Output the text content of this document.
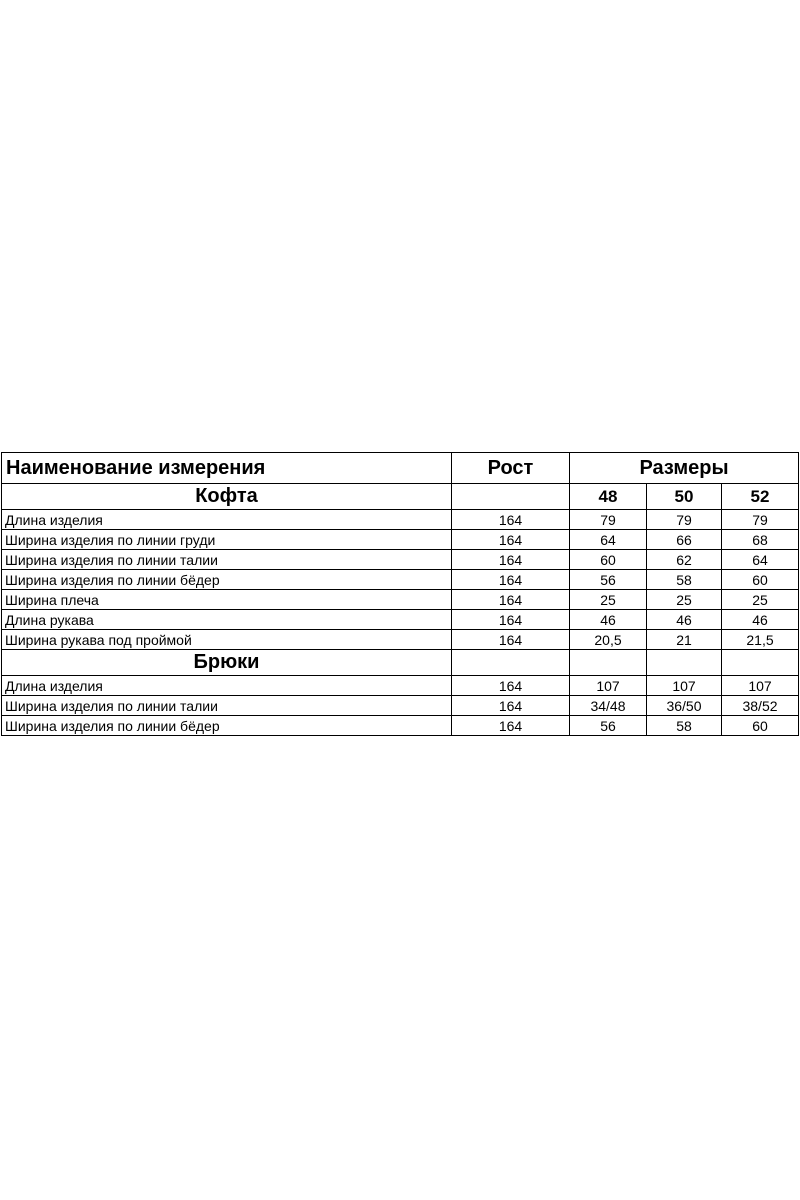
Наименование измерения	Рост	Размеры		
Кофта		48	50	52
Длина изделия	164	79	79	79
Ширина изделия по линии груди	164	64	66	68
Ширина изделия по линии талии	164	60	62	64
Ширина изделия по линии бёдер	164	56	58	60
Ширина плеча	164	25	25	25
Длина рукава	164	46	46	46
Ширина рукава под проймой	164	20,5	21	21,5
Брюки				
Длина изделия	164	107	107	107
Ширина изделия по линии талии	164	34/48	36/50	38/52
Ширина изделия по линии бёдер	164	56	58	60
